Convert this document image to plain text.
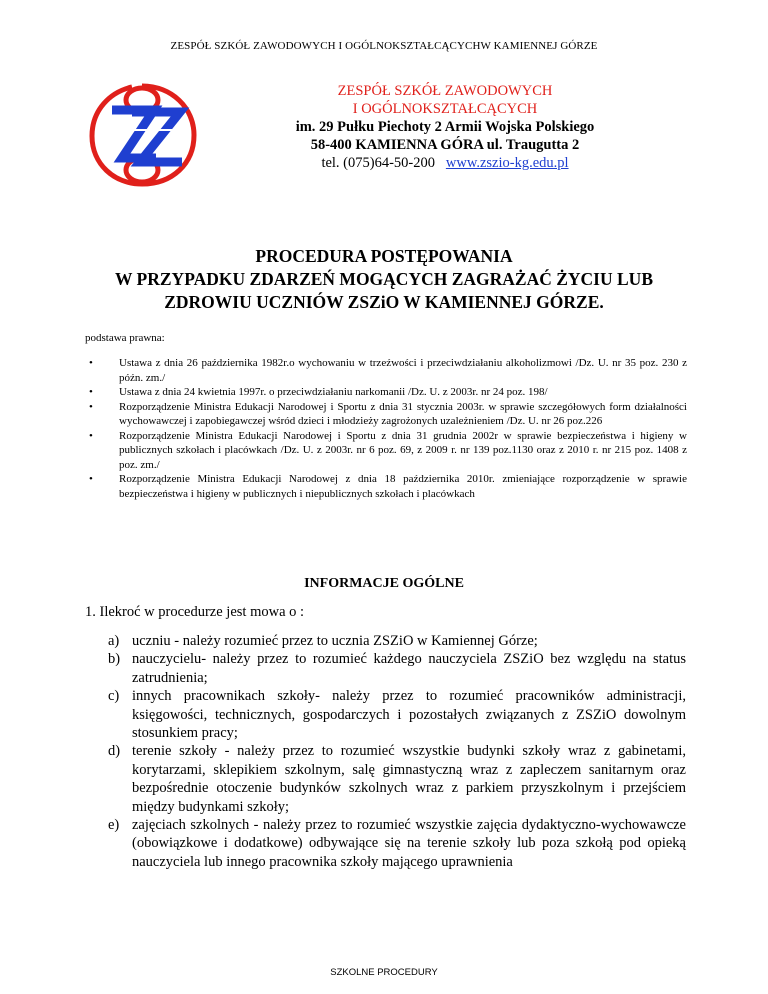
ZESPÓŁ SZKÓŁ ZAWODOWYCH I OGÓLNOKSZTAŁCĄCYCHW KAMIENNEJ GÓRZE
ZESPÓŁ SZKÓŁ ZAWODOWYCH
I OGÓLNOKSZTAŁCĄCYCH
im. 29 Pułku Piechoty 2 Armii Wojska Polskiego
58-400 KAMIENNA GÓRA ul. Traugutta 2
tel. (075)64-50-200 www.zszio-kg.edu.pl
PROCEDURA POSTĘPOWANIA
W PRZYPADKU ZDARZEŃ MOGĄCYCH ZAGRAŻAĆ ŻYCIU LUB
ZDROWIU UCZNIÓW ZSZiO W KAMIENNEJ GÓRZE.
podstawa prawna:
• Ustawa z dnia 26 października 1982r.o wychowaniu w trzeźwości i przeciwdziałaniu alkoholizmowi /Dz. U. nr 35 poz. 230 z późn. zm./
• Ustawa z dnia 24 kwietnia 1997r. o przeciwdziałaniu narkomanii /Dz. U. z 2003r. nr 24 poz. 198/
• Rozporządzenie Ministra Edukacji Narodowej i Sportu z dnia 31 stycznia 2003r. w sprawie szczegółowych form działalności wychowawczej i zapobiegawczej wśród dzieci i młodzieży zagrożonych uzależnieniem /Dz. U. nr 26 poz.226
• Rozporządzenie Ministra Edukacji Narodowej i Sportu z dnia 31 grudnia 2002r w sprawie bezpieczeństwa i higieny w publicznych szkołach i placówkach /Dz. U. z 2003r. nr 6 poz. 69, z 2009 r. nr 139 poz.1130 oraz z 2010 r. nr 215 poz. 1408 z poz. zm./
• Rozporządzenie Ministra Edukacji Narodowej z dnia 18 października 2010r. zmieniające rozporządzenie w sprawie bezpieczeństwa i higieny w publicznych i niepublicznych szkołach i placówkach
INFORMACJE OGÓLNE
1. Ilekroć w procedurze jest mowa o :
a) uczniu - należy rozumieć przez to ucznia ZSZiO w Kamiennej Górze;
b) nauczycielu- należy przez to rozumieć każdego nauczyciela ZSZiO bez względu na status zatrudnienia;
c) innych pracownikach szkoły- należy przez to rozumieć pracowników administracji, księgowości, technicznych, gospodarczych i pozostałych związanych z ZSZiO dowolnym stosunkiem pracy;
d) terenie szkoły - należy przez to rozumieć wszystkie budynki szkoły wraz z gabinetami, korytarzami, sklepikiem szkolnym, salę gimnastyczną wraz z zapleczem sanitarnym oraz bezpośrednie otoczenie budynków szkolnych wraz z parkiem przyszkolnym i przejściem między budynkami szkoły;
e) zajęciach szkolnych - należy przez to rozumieć wszystkie zajęcia dydaktyczno-wychowawcze (obowiązkowe i dodatkowe) odbywające się na terenie szkoły lub poza szkołą pod opieką nauczyciela lub innego pracownika szkoły mającego uprawnienia
SZKOLNE PROCEDURY
